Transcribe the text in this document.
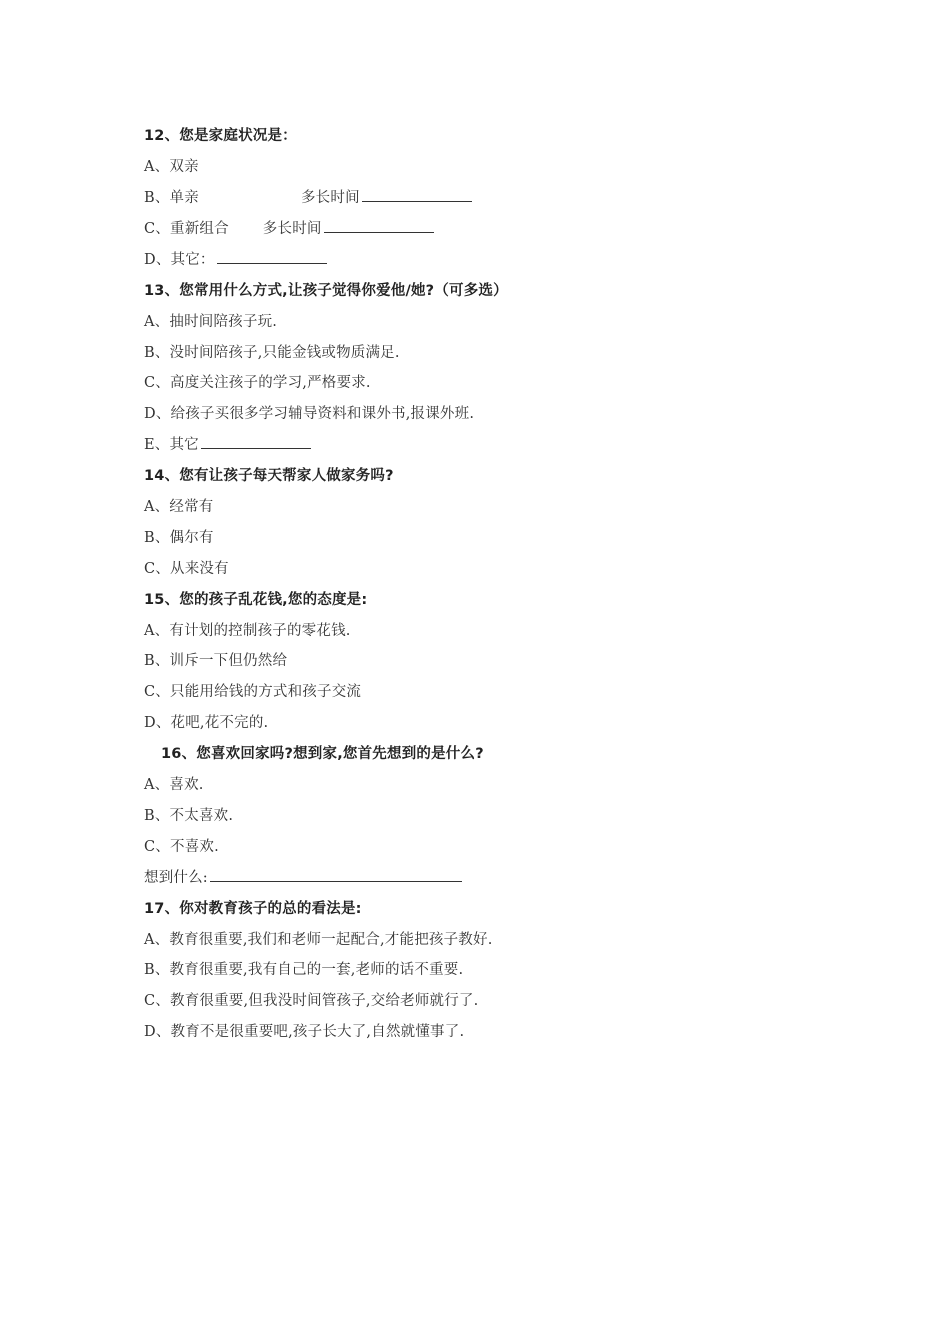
12、您是家庭状况是：
A、双亲
B、单亲	多长时间
C、重新组合 多长时间
D、其它：
13、您常用什么方式,让孩子觉得你爱他/她?（可多选）
A、抽时间陪孩子玩.
B、没时间陪孩子,只能金钱或物质满足.
C、高度关注孩子的学习,严格要求.
D、给孩子买很多学习辅导资料和课外书,报课外班.
E、其它
14、您有让孩子每天帮家人做家务吗?
A、经常有
B、偶尔有
C、从来没有
15、您的孩子乱花钱,您的态度是:
A、有计划的控制孩子的零花钱.
B、训斥一下但仍然给
C、只能用给钱的方式和孩子交流
D、花吧,花不完的.
16、您喜欢回家吗?想到家,您首先想到的是什么?
A、喜欢.
B、不太喜欢.
C、不喜欢.
想到什么:
17、你对教育孩子的总的看法是:
A、教育很重要,我们和老师一起配合,才能把孩子教好.
B、教育很重要,我有自己的一套,老师的话不重要.
C、教育很重要,但我没时间管孩子,交给老师就行了.
D、教育不是很重要吧,孩子长大了,自然就懂事了.
